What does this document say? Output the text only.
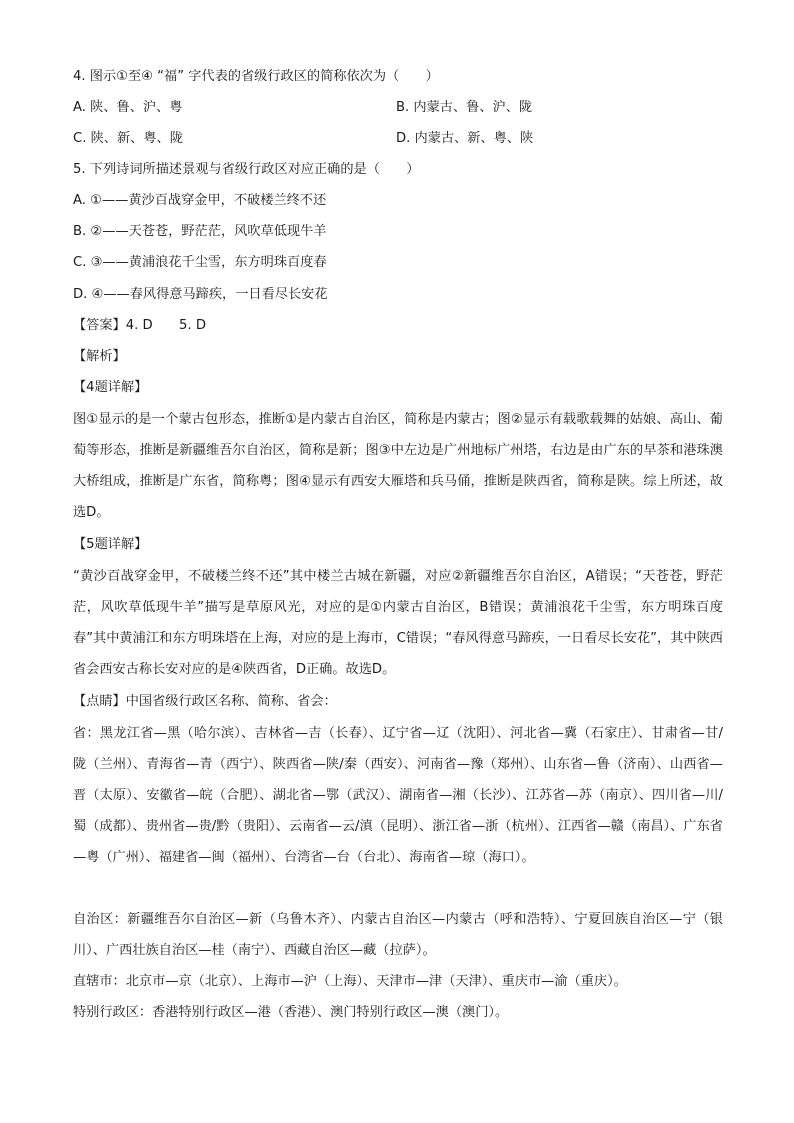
4. 图示①至④ “福” 字代表的省级行政区的简称依次为（　　）
A. 陕、鲁、沪、粤	B. 内蒙古、鲁、沪、陇
C. 陕、新、粤、陇	D. 内蒙古、新、粤、陕
5. 下列诗词所描述景观与省级行政区对应正确的是（　　）
A. ①——黄沙百战穿金甲，不破楼兰终不还
B. ②——天苍苍，野茫茫，风吹草低现牛羊
C. ③——黄浦浪花千尘雪，东方明珠百度春
D. ④——春风得意马蹄疾，一日看尽长安花
【答案】4. D　　5. D
【解析】
【4题详解】

图①显示的是一个蒙古包形态，推断①是内蒙古自治区，简称是内蒙古；图②显示有载歌载舞的姑娘、高山、葡萄等形态，推断是新疆维吾尔自治区，简称是新；图③中左边是广州地标广州塔，右边是由广东的早茶和港珠澳大桥组成，推断是广东省，简称粤；图④显示有西安大雁塔和兵马俑，推断是陕西省，简称是陕。综上所述，故选D。

【5题详解】

“黄沙百战穿金甲，不破楼兰终不还”其中楼兰古城在新疆，对应②新疆维吾尔自治区，A错误；“天苍苍，野茫茫，风吹草低现牛羊”描写是草原风光，对应的是①内蒙古自治区，B错误；黄浦浪花千尘雪，东方明珠百度春”其中黄浦江和东方明珠塔在上海，对应的是上海市，C错误；“春风得意马蹄疾，一日看尽长安花”，其中陕西省会西安古称长安对应的是④陕西省，D正确。故选D。

【点睛】中国省级行政区名称、简称、省会：

省：黑龙江省—黑（哈尔滨）、吉林省—吉（长春）、辽宁省—辽（沈阳）、河北省—冀（石家庄）、甘肃省—甘/陇（兰州）、青海省—青（西宁）、陕西省—陕/秦（西安）、河南省—豫（郑州）、山东省—鲁（济南）、山西省—晋（太原）、安徽省—皖（合肥）、湖北省—鄂（武汉）、湖南省—湘（长沙）、江苏省—苏（南京）、四川省—川/蜀（成都）、贵州省—贵/黔（贵阳）、云南省—云/滇（昆明）、浙江省—浙（杭州）、江西省—赣（南昌）、广东省—粤（广州）、福建省—闽（福州）、台湾省—台（台北）、海南省—琼（海口）。

自治区：新疆维吾尔自治区—新（乌鲁木齐）、内蒙古自治区—内蒙古（呼和浩特）、宁夏回族自治区—宁（银川）、广西壮族自治区—桂（南宁）、西藏自治区—藏（拉萨）。

直辖市：北京市—京（北京）、上海市—沪（上海）、天津市—津（天津）、重庆市—渝（重庆）。

特别行政区：香港特别行政区—港（香港）、澳门特别行政区—澳（澳门）。
